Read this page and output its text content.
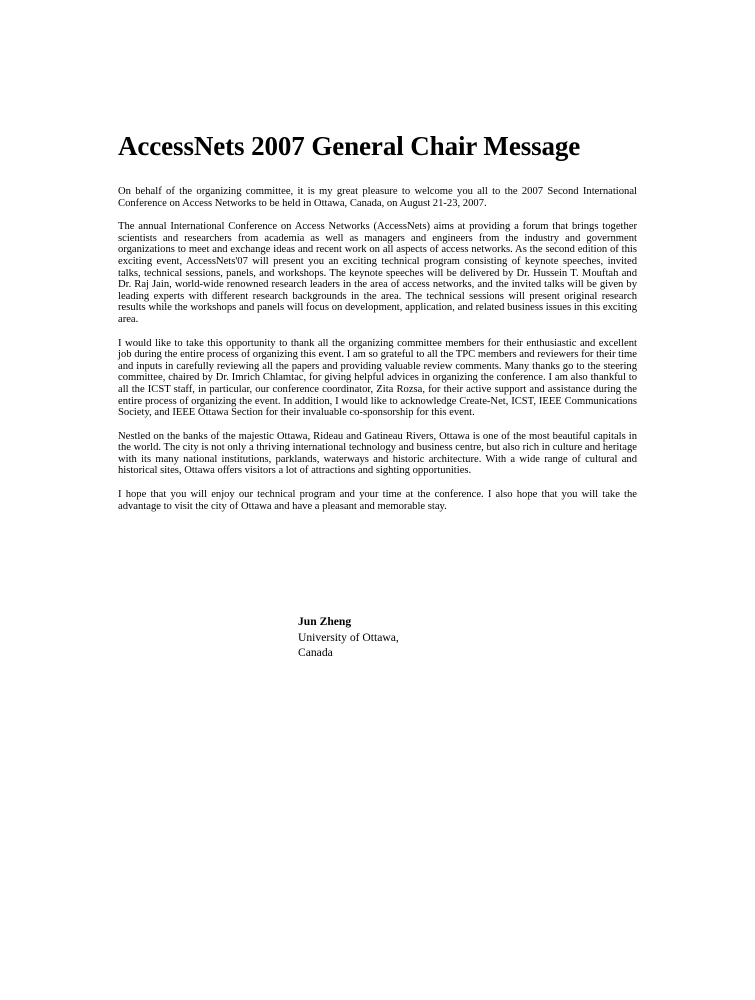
AccessNets 2007 General Chair Message

On behalf of the organizing committee, it is my great pleasure to welcome you all to the 2007 Second International Conference on Access Networks to be held in Ottawa, Canada, on August 21-23, 2007.

The annual International Conference on Access Networks (AccessNets) aims at providing a forum that brings together scientists and researchers from academia as well as managers and engineers from the industry and government organizations to meet and exchange ideas and recent work on all aspects of access networks. As the second edition of this exciting event, AccessNets'07 will present you an exciting technical program consisting of keynote speeches, invited talks, technical sessions, panels, and workshops. The keynote speeches will be delivered by Dr. Hussein T. Mouftah and Dr. Raj Jain, world-wide renowned research leaders in the area of access networks, and the invited talks will be given by leading experts with different research backgrounds in the area. The technical sessions will present original research results while the workshops and panels will focus on development, application, and related business issues in this exciting area.

I would like to take this opportunity to thank all the organizing committee members for their enthusiastic and excellent job during the entire process of organizing this event. I am so grateful to all the TPC members and reviewers for their time and inputs in carefully reviewing all the papers and providing valuable review comments. Many thanks go to the steering committee, chaired by Dr. Imrich Chlamtac, for giving helpful advices in organizing the conference. I am also thankful to all the ICST staff, in particular, our conference coordinator, Zita Rozsa, for their active support and assistance during the entire process of organizing the event. In addition, I would like to acknowledge Create-Net, ICST, IEEE Communications Society, and IEEE Ottawa Section for their invaluable co-sponsorship for this event.

Nestled on the banks of the majestic Ottawa, Rideau and Gatineau Rivers, Ottawa is one of the most beautiful capitals in the world. The city is not only a thriving international technology and business centre, but also rich in culture and heritage with its many national institutions, parklands, waterways and historic architecture. With a wide range of cultural and historical sites, Ottawa offers visitors a lot of attractions and sighting opportunities.

I hope that you will enjoy our technical program and your time at the conference. I also hope that you will take the advantage to visit the city of Ottawa and have a pleasant and memorable stay.

Jun Zheng
University of Ottawa,
Canada
